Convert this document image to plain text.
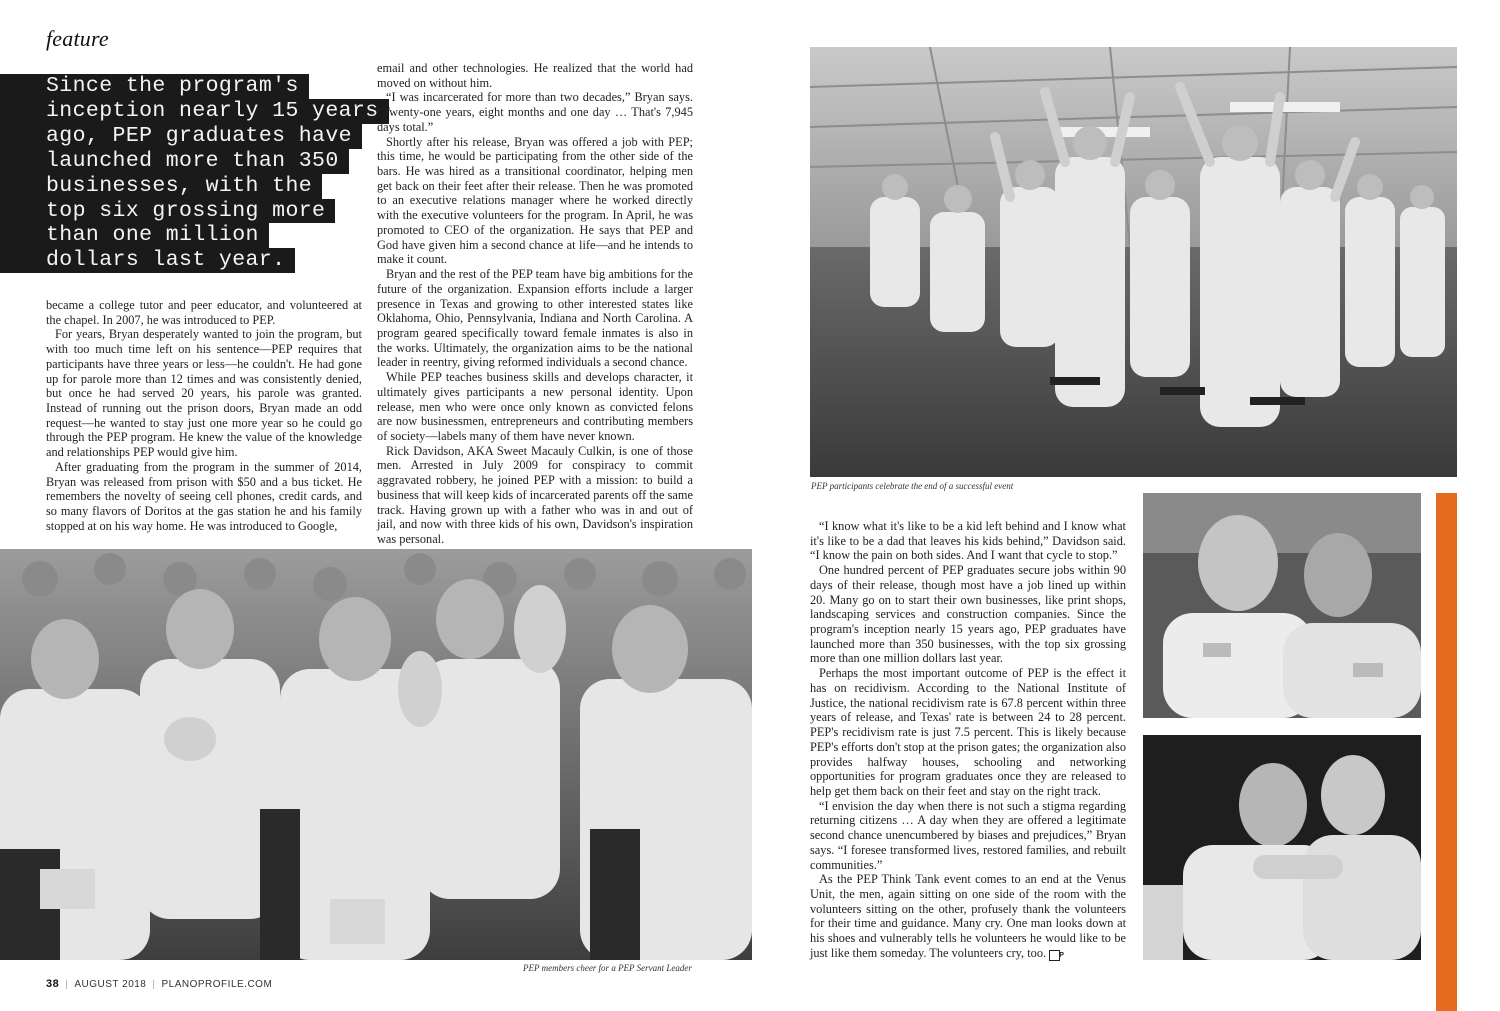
feature
Since the program's
inception nearly 15 years
ago, PEP graduates have
launched more than 350
businesses, with the
top six grossing more
than one million
dollars last year.

became a college tutor and peer educator, and volunteered at the chapel. In 2007, he was introduced to PEP.

For years, Bryan desperately wanted to join the program, but with too much time left on his sentence—PEP requires that participants have three years or less—he couldn't. He had gone up for parole more than 12 times and was consistently denied, but once he had served 20 years, his parole was granted. Instead of running out the prison doors, Bryan made an odd request—he wanted to stay just one more year so he could go through the PEP program. He knew the value of the knowledge and relationships PEP would give him.

After graduating from the program in the summer of 2014, Bryan was released from prison with $50 and a bus ticket. He remembers the novelty of seeing cell phones, credit cards, and so many flavors of Doritos at the gas station he and his family stopped at on his way home. He was introduced to Google,

email and other technologies. He realized that the world had moved on without him.

“I was incarcerated for more than two decades,” Bryan says. “Twenty-one years, eight months and one day … That's 7,945 days total.”

Shortly after his release, Bryan was offered a job with PEP; this time, he would be participating from the other side of the bars. He was hired as a transitional coordinator, helping men get back on their feet after their release. Then he was promoted to an executive relations manager where he worked directly with the executive volunteers for the program. In April, he was promoted to CEO of the organization. He says that PEP and God have given him a second chance at life—and he intends to make it count.

Bryan and the rest of the PEP team have big ambitions for the future of the organization. Expansion efforts include a larger presence in Texas and growing to other interested states like Oklahoma, Ohio, Pennsylvania, Indiana and North Carolina. A program geared specifically toward female inmates is also in the works. Ultimately, the organization aims to be the national leader in reentry, giving reformed individuals a second chance.

While PEP teaches business skills and develops character, it ultimately gives participants a new personal identity. Upon release, men who were once only known as convicted felons are now businessmen, entrepreneurs and contributing members of society—labels many of them have never known.

Rick Davidson, AKA Sweet Macauly Culkin, is one of those men. Arrested in July 2009 for conspiracy to commit aggravated robbery, he joined PEP with a mission: to build a business that will keep kids of incarcerated parents off the same track. Having grown up with a father who was in and out of jail, and now with three kids of his own, Davidson's inspiration was personal.

PEP participants celebrate the end of a successful event
PEP members cheer for a PEP Servant Leader

“I know what it's like to be a kid left behind and I know what it's like to be a dad that leaves his kids behind,” Davidson said. “I know the pain on both sides. And I want that cycle to stop.”

One hundred percent of PEP graduates secure jobs within 90 days of their release, though most have a job lined up within 20. Many go on to start their own businesses, like print shops, landscaping services and construction companies. Since the program's inception nearly 15 years ago, PEP graduates have launched more than 350 businesses, with the top six grossing more than one million dollars last year.

Perhaps the most important outcome of PEP is the effect it has on recidivism. According to the National Institute of Justice, the national recidivism rate is 67.8 percent within three years of release, and Texas' rate is between 24 to 28 percent. PEP's recidivism rate is just 7.5 percent. This is likely because PEP's efforts don't stop at the prison gates; the organization also provides halfway houses, schooling and networking opportunities for program graduates once they are released to help get them back on their feet and stay on the right track.

“I envision the day when there is not such a stigma regarding returning citizens … A day when they are offered a legitimate second chance unencumbered by biases and prejudices,” Bryan says. “I foresee transformed lives, restored families, and rebuilt communities.”

As the PEP Think Tank event comes to an end at the Venus Unit, the men, again sitting on one side of the room with the volunteers sitting on the other, profusely thank the volunteers for their time and guidance. Many cry. One man looks down at his shoes and vulnerably tells he volunteers he would like to be just like them someday. The volunteers cry, too. P

38 | AUGUST 2018 | PLANOPROFILE.COM
